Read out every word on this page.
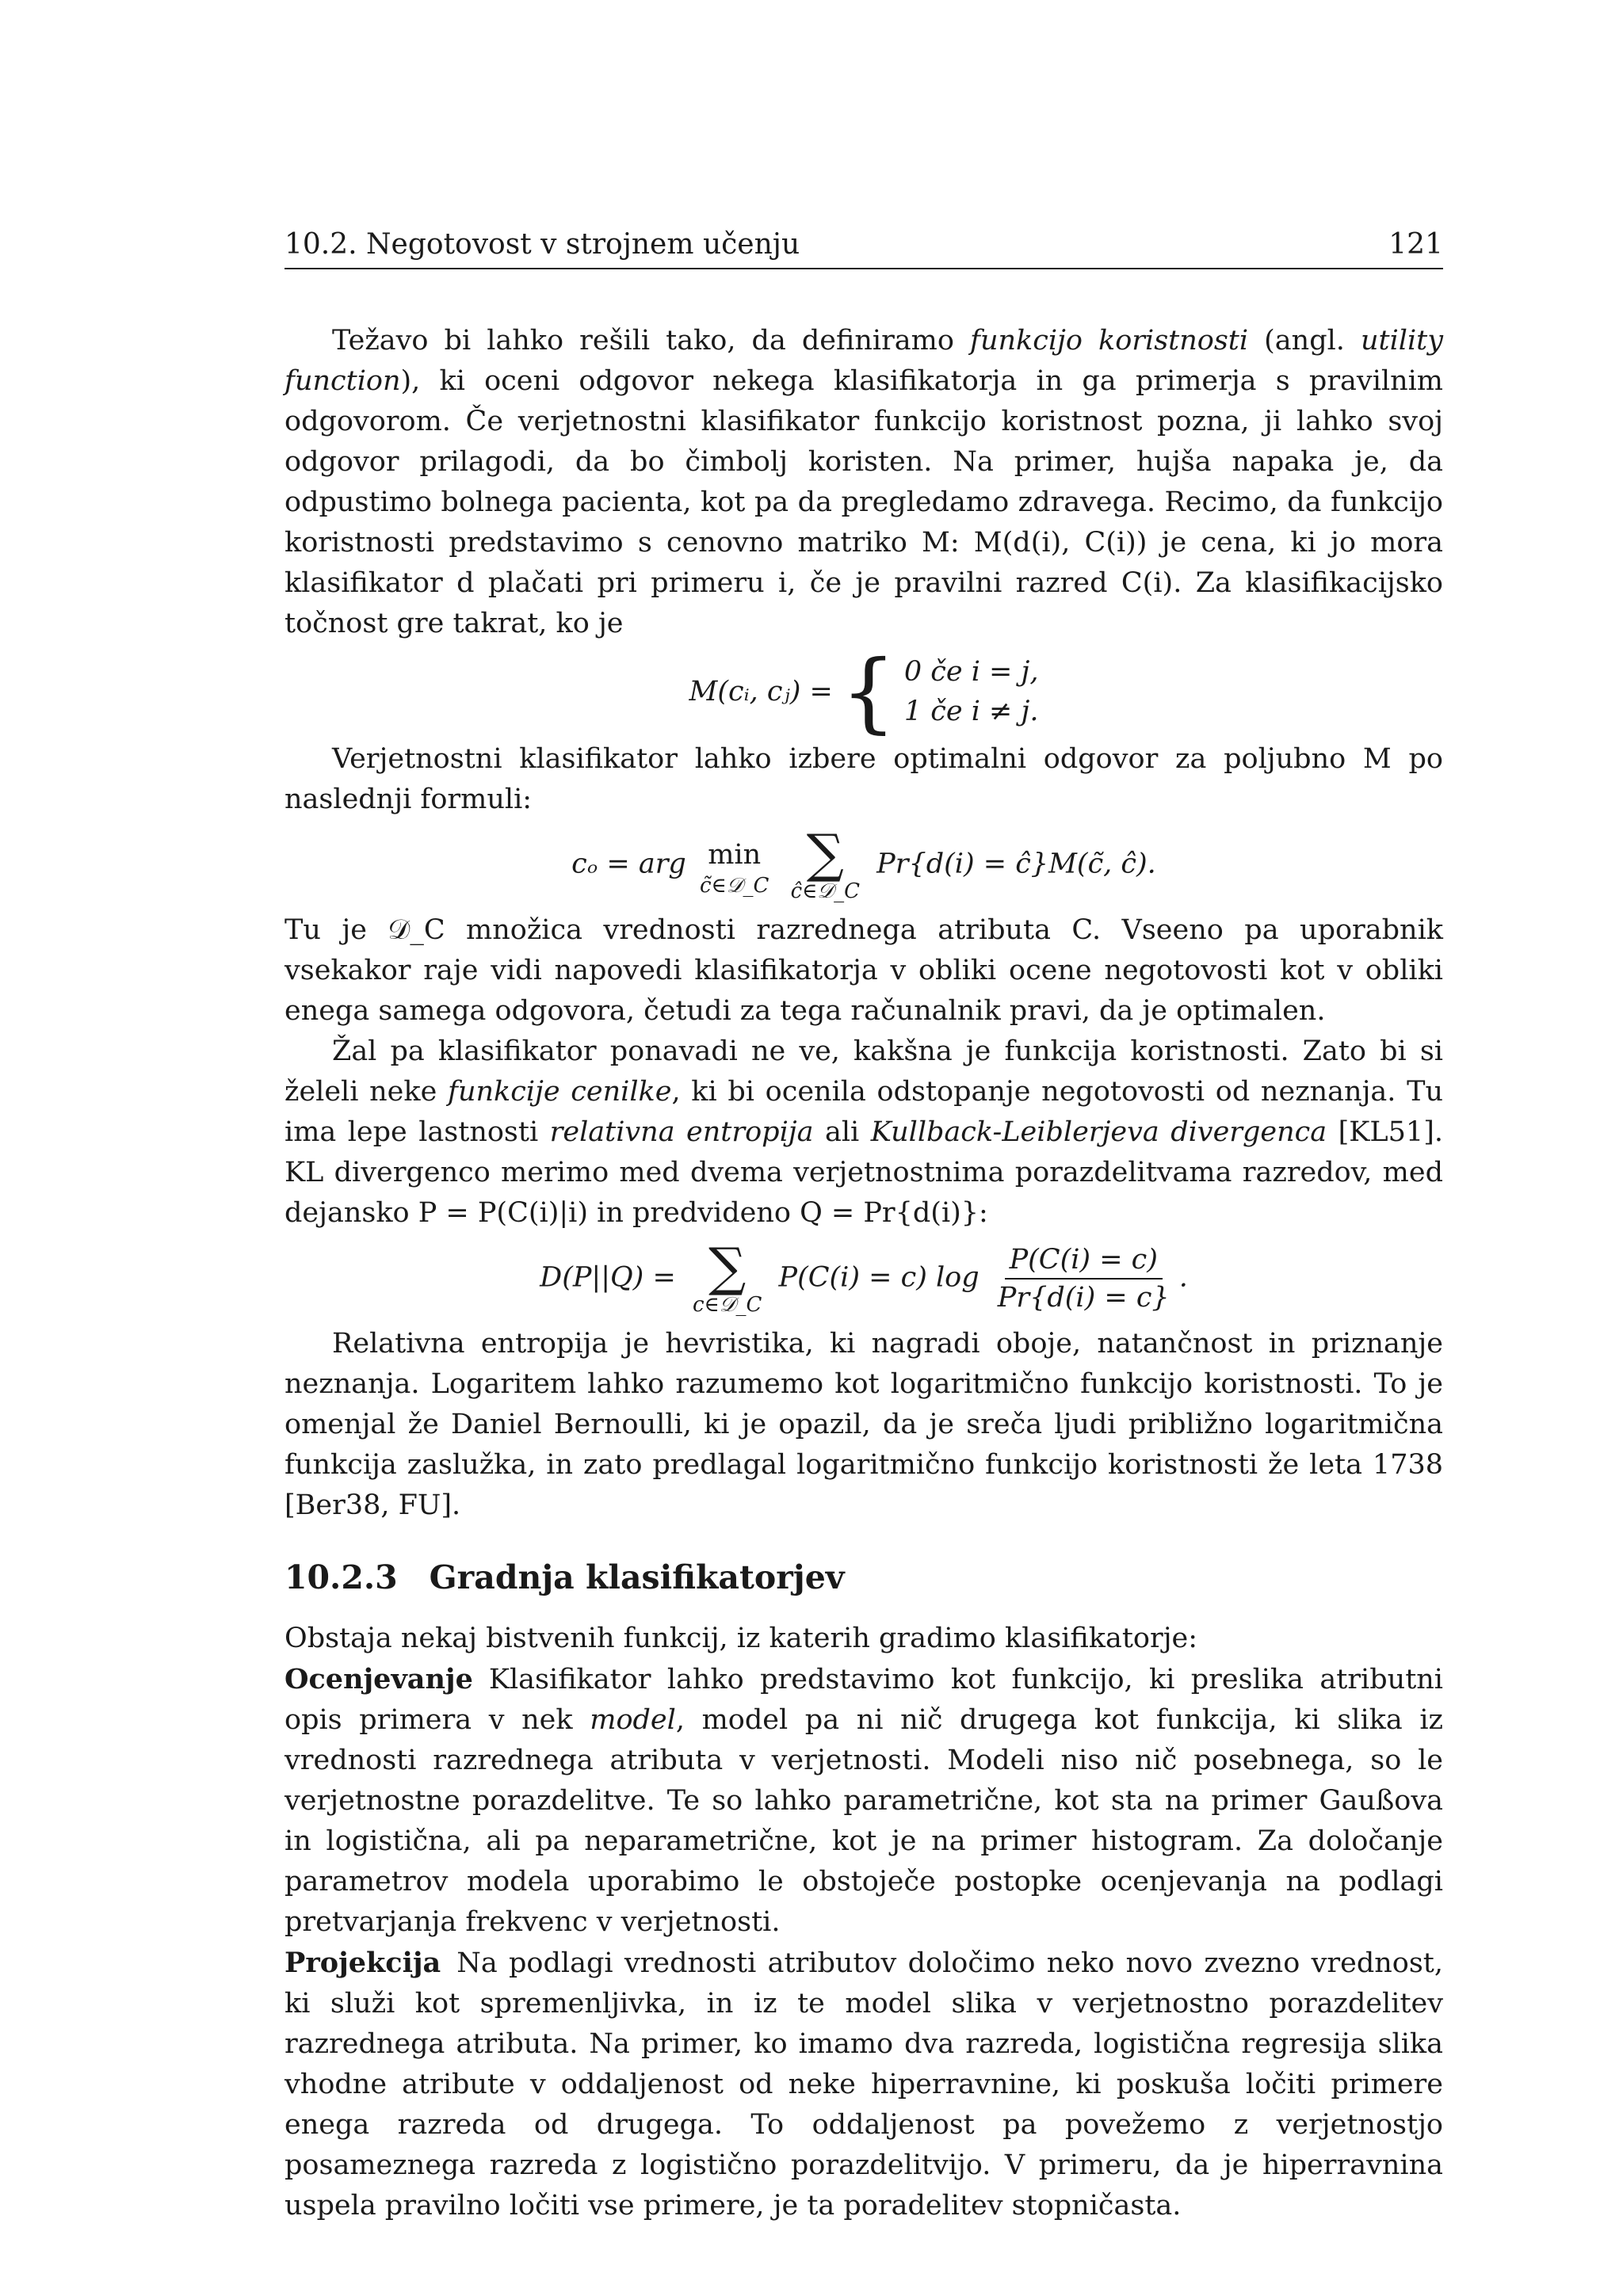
10.2. Negotovost v strojnem učenju	121

Težavo bi lahko rešili tako, da definiramo funkcijo koristnosti (angl. utility function), ki oceni odgovor nekega klasifikatorja in ga primerja s pravilnim odgovorom. Če verjetnostni klasifikator funkcijo koristnost pozna, ji lahko svoj odgovor prilagodi, da bo čimbolj koristen. Na primer, hujša napaka je, da odpustimo bolnega pacienta, kot pa da pregledamo zdravega. Recimo, da funkcijo koristnosti predstavimo s cenovno matriko M: M(d(i), C(i)) je cena, ki jo mora klasifikator d plačati pri primeru i, če je pravilni razred C(i). Za klasifikacijsko točnost gre takrat, ko je

M(cᵢ, cⱼ) = { 0 če i = j,
1 če i ≠ j.

Verjetnostni klasifikator lahko izbere optimalni odgovor za poljubno M po naslednji formuli:

cₒ = arg min
c̃∈𝒟_C

∑
ĉ∈𝒟_C
Pr{d(i) = ĉ}M(c̃, ĉ).

Tu je 𝒟_C množica vrednosti razrednega atributa C. Vseeno pa uporabnik vsekakor raje vidi napovedi klasifikatorja v obliki ocene negotovosti kot v obliki enega samega odgovora, četudi za tega računalnik pravi, da je optimalen.

Žal pa klasifikator ponavadi ne ve, kakšna je funkcija koristnosti. Zato bi si želeli neke funkcije cenilke, ki bi ocenila odstopanje negotovosti od neznanja. Tu ima lepe lastnosti relativna entropija ali Kullback-Leiblerjeva divergenca [KL51]. KL divergenco merimo med dvema verjetnostnima porazdelitvama razredov, med dejansko P = P(C(i)|i) in predvideno Q = Pr{d(i)}:

D(P||Q) = ∑
c∈𝒟_C
P(C(i) = c) $\log \frac{P(C(i) = c)}{Pr\{d(i) = c\}}$ .

Relativna entropija je hevristika, ki nagradi oboje, natančnost in priznanje neznanja. Logaritem lahko razumemo kot logaritmično funkcijo koristnosti. To je omenjal že Daniel Bernoulli, ki je opazil, da je sreča ljudi približno logaritmična funkcija zaslužka, in zato predlagal logaritmično funkcijo koristnosti že leta 1738 [Ber38, FU].

10.2.3 Gradnja klasifikatorjev

Obstaja nekaj bistvenih funkcij, iz katerih gradimo klasifikatorje:

Ocenjevanje Klasifikator lahko predstavimo kot funkcijo, ki preslika atributni opis primera v nek model, model pa ni nič drugega kot funkcija, ki slika iz vrednosti razrednega atributa v verjetnosti. Modeli niso nič posebnega, so le verjetnostne porazdelitve. Te so lahko parametrične, kot sta na primer Gaußova in logistična, ali pa neparametrične, kot je na primer histogram. Za določanje parametrov modela uporabimo le obstoječe postopke ocenjevanja na podlagi pretvarjanja frekvenc v verjetnosti.

Projekcija Na podlagi vrednosti atributov določimo neko novo zvezno vrednost, ki služi kot spremenljivka, in iz te model slika v verjetnostno porazdelitev razrednega atributa. Na primer, ko imamo dva razreda, logistična regresija slika vhodne atribute v oddaljenost od neke hiperravnine, ki poskuša ločiti primere enega razreda od drugega. To oddaljenost pa povežemo z verjetnostjo posameznega razreda z logistično porazdelitvijo. V primeru, da je hiperravnina uspela pravilno ločiti vse primere, je ta poradelitev stopničasta.
